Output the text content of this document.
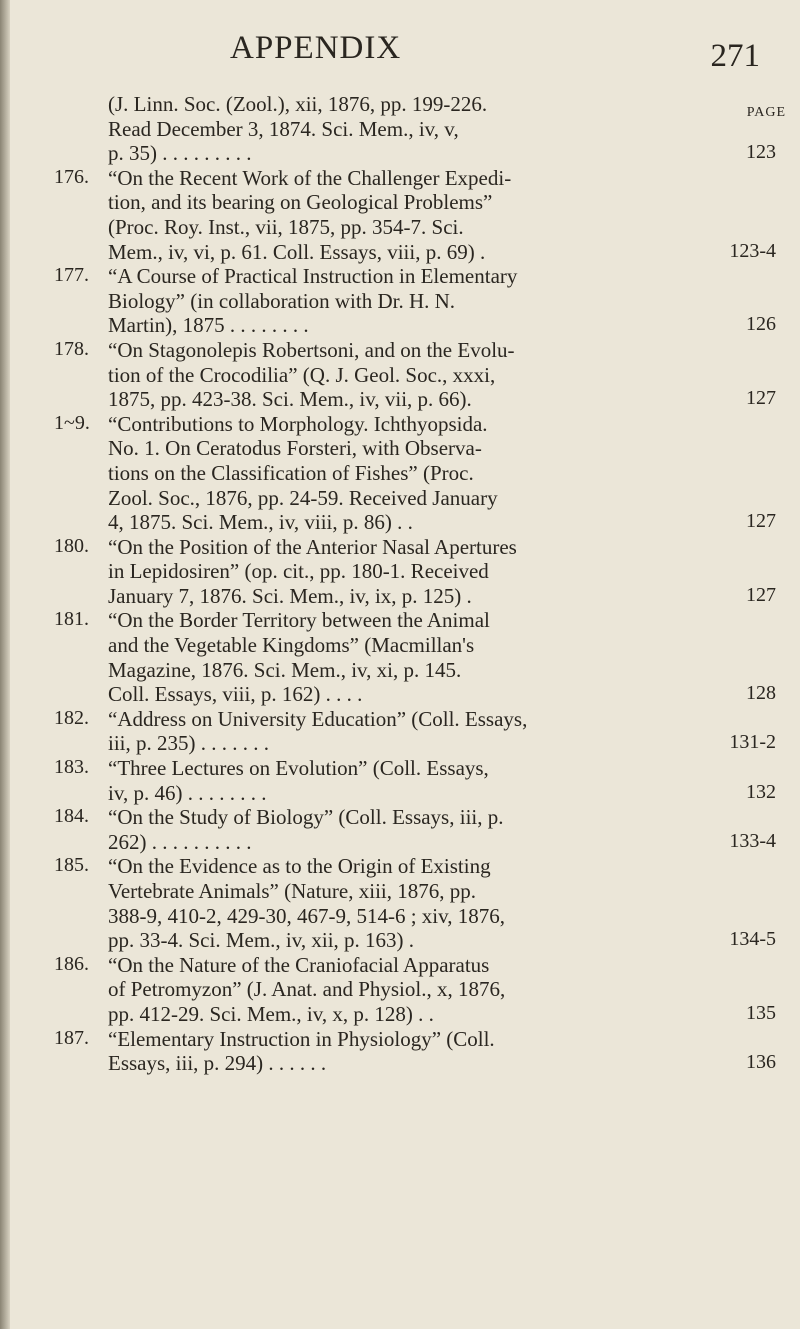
APPENDIX	271
PAGE
(J. Linn. Soc. (Zool.), xii, 1876, pp. 199-226.
Read December 3, 1874. Sci. Mem., iv, v,
p. 35) . . . . . . . . .	123
176. “On the Recent Work of the Challenger Expedi-
tion, and its bearing on Geological Problems”
(Proc. Roy. Inst., vii, 1875, pp. 354-7. Sci.
Mem., iv, vi, p. 61. Coll. Essays, viii, p. 69) .	123-4
177. “A Course of Practical Instruction in Elementary
Biology” (in collaboration with Dr. H. N.
Martin), 1875 . . . . . . . .	126
178. “On Stagonolepis Robertsoni, and on the Evolu-
tion of the Crocodilia” (Q. J. Geol. Soc., xxxi,
1875, pp. 423-38. Sci. Mem., iv, vii, p. 66).	127
1~9. “Contributions to Morphology. Ichthyopsida.
No. 1. On Ceratodus Forsteri, with Observa-
tions on the Classification of Fishes” (Proc.
Zool. Soc., 1876, pp. 24-59. Received January
4, 1875. Sci. Mem., iv, viii, p. 86) . .	127
180. “On the Position of the Anterior Nasal Apertures
in Lepidosiren” (op. cit., pp. 180-1. Received
January 7, 1876. Sci. Mem., iv, ix, p. 125) .	127
181. “On the Border Territory between the Animal
and the Vegetable Kingdoms” (Macmillan's
Magazine, 1876. Sci. Mem., iv, xi, p. 145.
Coll. Essays, viii, p. 162) . . . .	128
182. “Address on University Education” (Coll. Essays,
iii, p. 235) . . . . . . .	131-2
183. “Three Lectures on Evolution” (Coll. Essays,
iv, p. 46) . . . . . . . .	132
184. “On the Study of Biology” (Coll. Essays, iii, p.
262) . . . . . . . . . .	133-4
185. “On the Evidence as to the Origin of Existing
Vertebrate Animals” (Nature, xiii, 1876, pp.
388-9, 410-2, 429-30, 467-9, 514-6 ; xiv, 1876,
pp. 33-4. Sci. Mem., iv, xii, p. 163) .	134-5
186. “On the Nature of the Craniofacial Apparatus
of Petromyzon” (J. Anat. and Physiol., x, 1876,
pp. 412-29. Sci. Mem., iv, x, p. 128) . .	135
187. “Elementary Instruction in Physiology” (Coll.
Essays, iii, p. 294) . . . . . .	136
